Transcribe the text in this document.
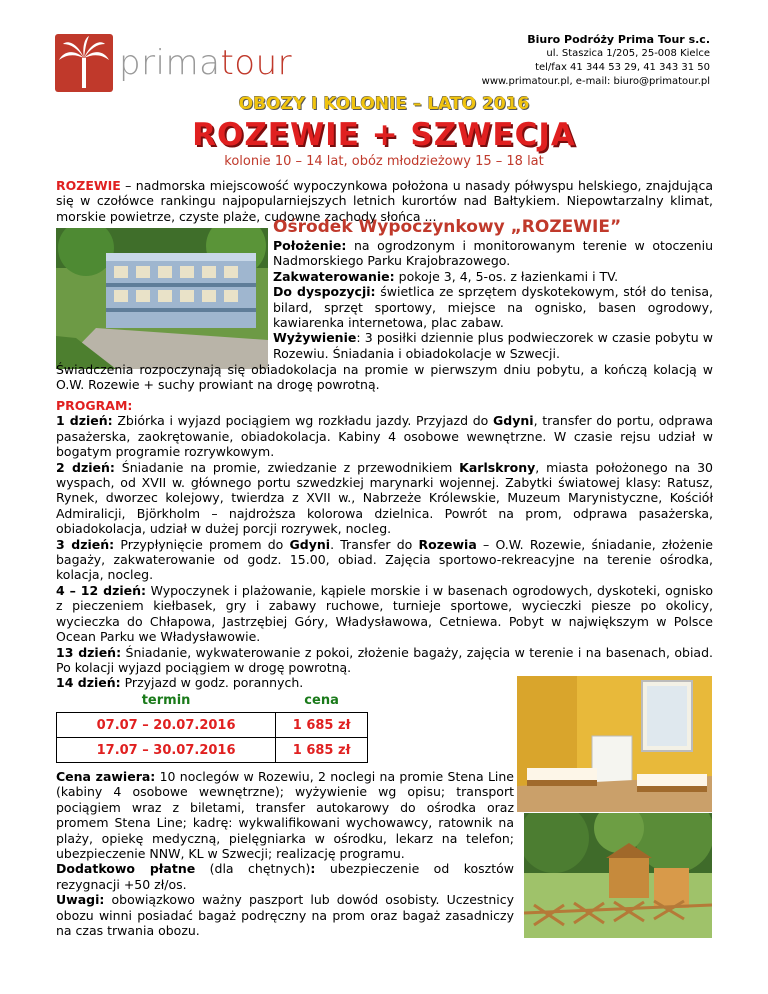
primatour
Biuro Podróży Prima Tour s.c.
ul. Staszica 1/205, 25-008 Kielce
tel/fax 41 344 53 29, 41 343 31 50
www.primatour.pl, e-mail: biuro@primatour.pl
OBOZY I KOLONIE – LATO 2016
ROZEWIE + SZWECJA
kolonie 10 – 14 lat, obóz młodzieżowy 15 – 18 lat
ROZEWIE – nadmorska miejscowość wypoczynkowa położona u nasady półwyspu helskiego, znajdująca się w czołówce rankingu najpopularniejszych letnich kurortów nad Bałtykiem. Niepowtarzalny klimat, morskie powietrze, czyste plaże, cudowne zachody słońca ...
Ośrodek Wypoczynkowy „ROZEWIE”
Położenie: na ogrodzonym i monitorowanym terenie w otoczeniu Nadmorskiego Parku Krajobrazowego.
Zakwaterowanie: pokoje 3, 4, 5-os. z łazienkami i TV.
Do dyspozycji: świetlica ze sprzętem dyskotekowym, stół do tenisa, bilard, sprzęt sportowy, miejsce na ognisko, basen ogrodowy, kawiarenka internetowa, plac zabaw.
Wyżywienie: 3 posiłki dziennie plus podwieczorek w czasie pobytu w Rozewiu. Śniadania i obiadokolacje w Szwecji.
Świadczenia rozpoczynają się obiadokolacja na promie w pierwszym dniu pobytu, a kończą kolacją w O.W. Rozewie + suchy prowiant na drogę powrotną.
PROGRAM:
1 dzień: Zbiórka i wyjazd pociągiem wg rozkładu jazdy. Przyjazd do Gdyni, transfer do portu, odprawa pasażerska, zaokrętowanie, obiadokolacja. Kabiny 4 osobowe wewnętrzne. W czasie rejsu udział w bogatym programie rozrywkowym.
2 dzień: Śniadanie na promie, zwiedzanie z przewodnikiem Karlskrony, miasta położonego na 30 wyspach, od XVII w. głównego portu szwedzkiej marynarki wojennej. Zabytki światowej klasy: Ratusz, Rynek, dworzec kolejowy, twierdza z XVII w., Nabrzeże Królewskie, Muzeum Marynistyczne, Kościół Admiralicji, Björkholm – najdroższa kolorowa dzielnica. Powrót na prom, odprawa pasażerska, obiadokolacja, udział w dużej porcji rozrywek, nocleg.
3 dzień: Przypłynięcie promem do Gdyni. Transfer do Rozewia – O.W. Rozewie, śniadanie, złożenie bagaży, zakwaterowanie od godz. 15.00, obiad. Zajęcia sportowo-rekreacyjne na terenie ośrodka, kolacja, nocleg.
4 – 12 dzień: Wypoczynek i plażowanie, kąpiele morskie i w basenach ogrodowych, dyskoteki, ognisko z pieczeniem kiełbasek, gry i zabawy ruchowe, turnieje sportowe, wycieczki piesze po okolicy, wycieczka do Chłapowa, Jastrzębiej Góry, Władysławowa, Cetniewa. Pobyt w największym w Polsce Ocean Parku we Władysławowie.
13 dzień: Śniadanie, wykwaterowanie z pokoi, złożenie bagaży, zajęcia w terenie i na basenach, obiad. Po kolacji wyjazd pociągiem w drogę powrotną.
14 dzień: Przyjazd w godz. porannych.
termin	cena
07.07 – 20.07.2016	1 685 zł
17.07 – 30.07.2016	1 685 zł
Cena zawiera: 10 noclegów w Rozewiu, 2 noclegi na promie Stena Line (kabiny 4 osobowe wewnętrzne); wyżywienie wg opisu; transport pociągiem wraz z biletami, transfer autokarowy do ośrodka oraz promem Stena Line; kadrę: wykwalifikowani wychowawcy, ratownik na plaży, opiekę medyczną, pielęgniarka w ośrodku, lekarz na telefon; ubezpieczenie NNW, KL w Szwecji; realizację programu.
Dodatkowo płatne (dla chętnych): ubezpieczenie od kosztów rezygnacji +50 zł/os.
Uwagi: obowiązkowo ważny paszport lub dowód osobisty. Uczestnicy obozu winni posiadać bagaż podręczny na prom oraz bagaż zasadniczy na czas trwania obozu.
